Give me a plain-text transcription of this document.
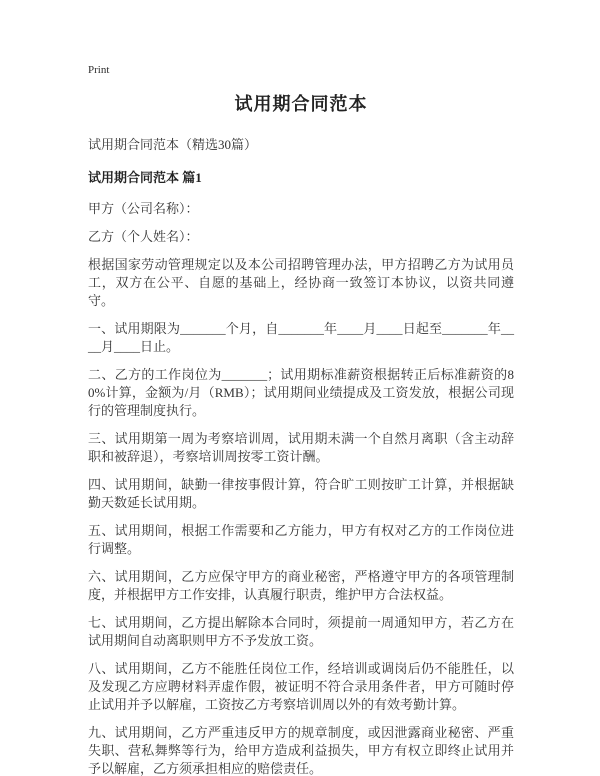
Print
试用期合同范本

试用期合同范本（精选30篇）

试用期合同范本 篇1

甲方（公司名称）：

乙方（个人姓名）：

根据国家劳动管理规定以及本公司招聘管理办法，甲方招聘乙方为试用员工，双方在公平、自愿的基础上，经协商一致签订本协议，以资共同遵守。

一、试用期限为_______个月，自_______年____月____日起至_______年____月____日止。

二、乙方的工作岗位为_______；试用期标准薪资根据转正后标准薪资的80%计算，金额为/月（RMB）；试用期间业绩提成及工资发放，根据公司现行的管理制度执行。

三、试用期第一周为考察培训周，试用期未满一个自然月离职（含主动辞职和被辞退），考察培训周按零工资计酬。

四、试用期间，缺勤一律按事假计算，符合旷工则按旷工计算，并根据缺勤天数延长试用期。

五、试用期间，根据工作需要和乙方能力，甲方有权对乙方的工作岗位进行调整。

六、试用期间，乙方应保守甲方的商业秘密，严格遵守甲方的各项管理制度，并根据甲方工作安排，认真履行职责，维护甲方合法权益。

七、试用期间，乙方提出解除本合同时，须提前一周通知甲方，若乙方在试用期间自动离职则甲方不予发放工资。

八、试用期间，乙方不能胜任岗位工作，经培训或调岗后仍不能胜任，以及发现乙方应聘材料弄虚作假，被证明不符合录用条件者，甲方可随时停止试用并予以解雇，工资按乙方考察培训周以外的有效考勤计算。

九、试用期间，乙方严重违反甲方的规章制度，或因泄露商业秘密、严重失职、营私舞弊等行为，给甲方造成利益损失，甲方有权立即终止试用并予以解雇，乙方须承担相应的赔偿责任。
